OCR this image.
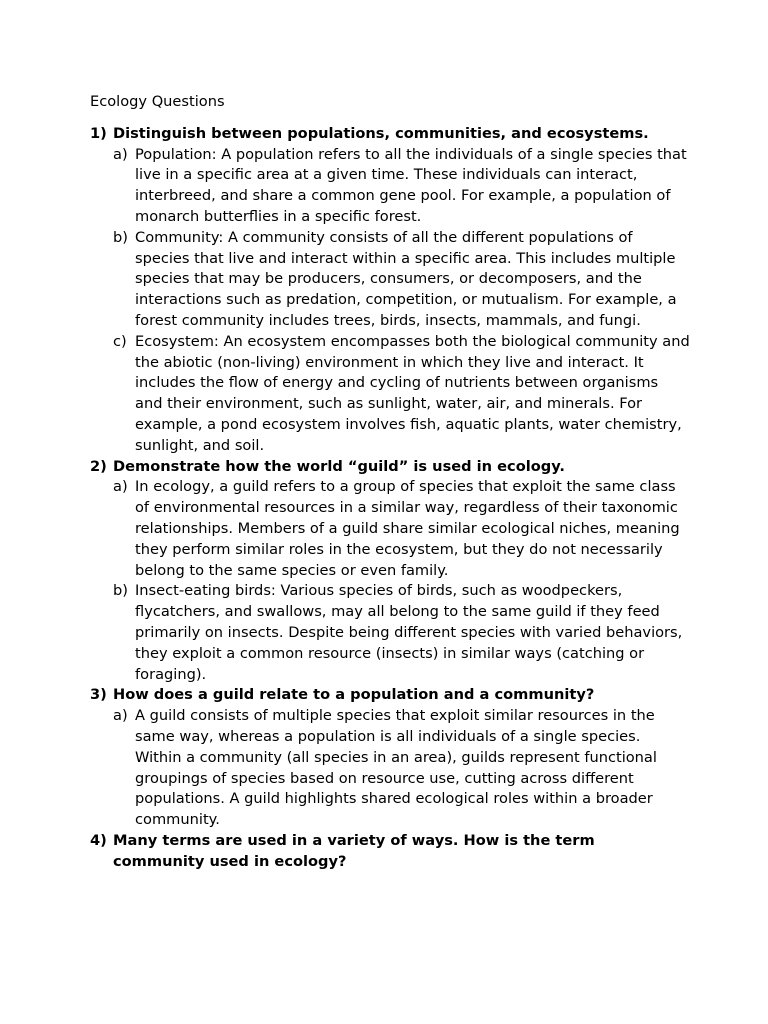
Ecology Questions
1) Distinguish between populations, communities, and ecosystems.
a) Population: A population refers to all the individuals of a single species that live in a specific area at a given time. These individuals can interact, interbreed, and share a common gene pool. For example, a population of monarch butterflies in a specific forest.
b) Community: A community consists of all the different populations of species that live and interact within a specific area. This includes multiple species that may be producers, consumers, or decomposers, and the interactions such as predation, competition, or mutualism. For example, a forest community includes trees, birds, insects, mammals, and fungi.
c) Ecosystem: An ecosystem encompasses both the biological community and the abiotic (non-living) environment in which they live and interact. It includes the flow of energy and cycling of nutrients between organisms and their environment, such as sunlight, water, air, and minerals. For example, a pond ecosystem involves fish, aquatic plants, water chemistry, sunlight, and soil.
2) Demonstrate how the world “guild” is used in ecology.
a) In ecology, a guild refers to a group of species that exploit the same class of environmental resources in a similar way, regardless of their taxonomic relationships. Members of a guild share similar ecological niches, meaning they perform similar roles in the ecosystem, but they do not necessarily belong to the same species or even family.
b) Insect-eating birds: Various species of birds, such as woodpeckers, flycatchers, and swallows, may all belong to the same guild if they feed primarily on insects. Despite being different species with varied behaviors, they exploit a common resource (insects) in similar ways (catching or foraging).
3) How does a guild relate to a population and a community?
a) A guild consists of multiple species that exploit similar resources in the same way, whereas a population is all individuals of a single species. Within a community (all species in an area), guilds represent functional groupings of species based on resource use, cutting across different populations. A guild highlights shared ecological roles within a broader community.
4) Many terms are used in a variety of ways. How is the term community used in ecology?
